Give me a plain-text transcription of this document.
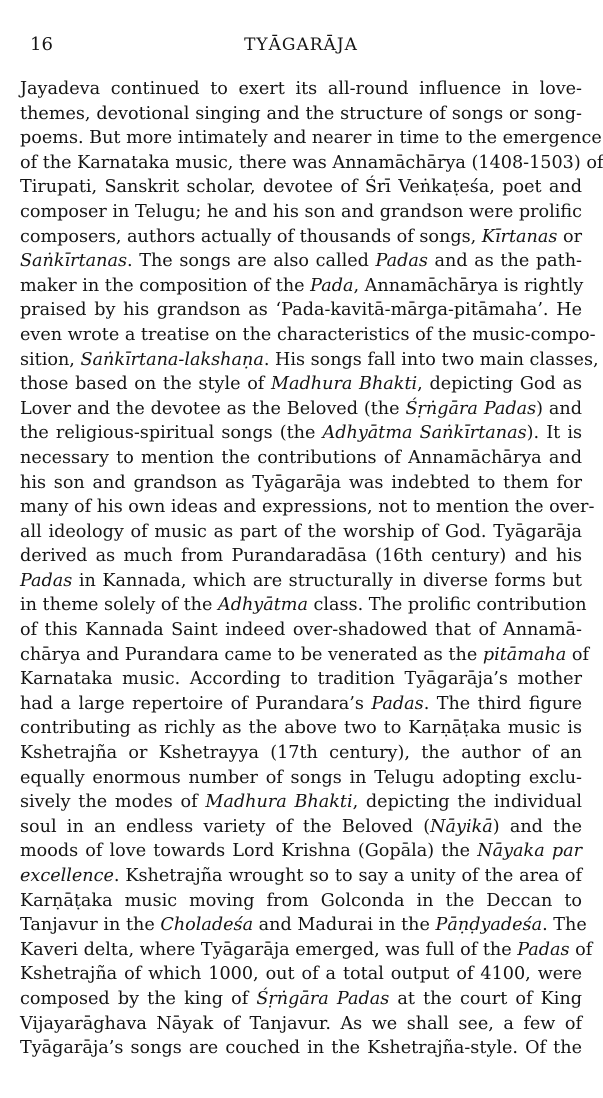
16	TYĀGARĀJA
Jayadeva continued to exert its all-round influence in love-
themes, devotional singing and the structure of songs or song-
poems. But more intimately and nearer in time to the emergence
of the Karnataka music, there was Annamāchārya (1408-1503) of
Tirupati, Sanskrit scholar, devotee of Śrī Veṅkaṭeśa, poet and
composer in Telugu; he and his son and grandson were prolific
composers, authors actually of thousands of songs, Kīrtanas or
Saṅkīrtanas. The songs are also called Padas and as the path-
maker in the composition of the Pada, Annamāchārya is rightly
praised by his grandson as ‘Pada-kavitā-mārga-pitāmaha’. He
even wrote a treatise on the characteristics of the music-compo-
sition, Saṅkīrtana-lakshaṇa. His songs fall into two main classes,
those based on the style of Madhura Bhakti, depicting God as
Lover and the devotee as the Beloved (the Śṛṅgāra Padas) and
the religious-spiritual songs (the Adhyātma Saṅkīrtanas). It is
necessary to mention the contributions of Annamāchārya and
his son and grandson as Tyāgarāja was indebted to them for
many of his own ideas and expressions, not to mention the over-
all ideology of music as part of the worship of God. Tyāgarāja
derived as much from Purandaradāsa (16th century) and his
Padas in Kannada, which are structurally in diverse forms but
in theme solely of the Adhyātma class. The prolific contribution
of this Kannada Saint indeed over-shadowed that of Annamā-
chārya and Purandara came to be venerated as the pitāmaha of
Karnataka music. According to tradition Tyāgarāja’s mother
had a large repertoire of Purandara’s Padas. The third figure
contributing as richly as the above two to Karṇāṭaka music is
Kshetrajña or Kshetrayya (17th century), the author of an
equally enormous number of songs in Telugu adopting exclu-
sively the modes of Madhura Bhakti, depicting the individual
soul in an endless variety of the Beloved (Nāyikā) and the
moods of love towards Lord Krishna (Gopāla) the Nāyaka par
excellence. Kshetrajña wrought so to say a unity of the area of
Karṇāṭaka music moving from Golconda in the Deccan to
Tanjavur in the Choladeśa and Madurai in the Pāṇḍyadeśa. The
Kaveri delta, where Tyāgarāja emerged, was full of the Padas of
Kshetrajña of which 1000, out of a total output of 4100, were
composed by the king of Śṛṅgāra Padas at the court of King
Vijayarāghava Nāyak of Tanjavur. As we shall see, a few of
Tyāgarāja’s songs are couched in the Kshetrajña-style. Of the
